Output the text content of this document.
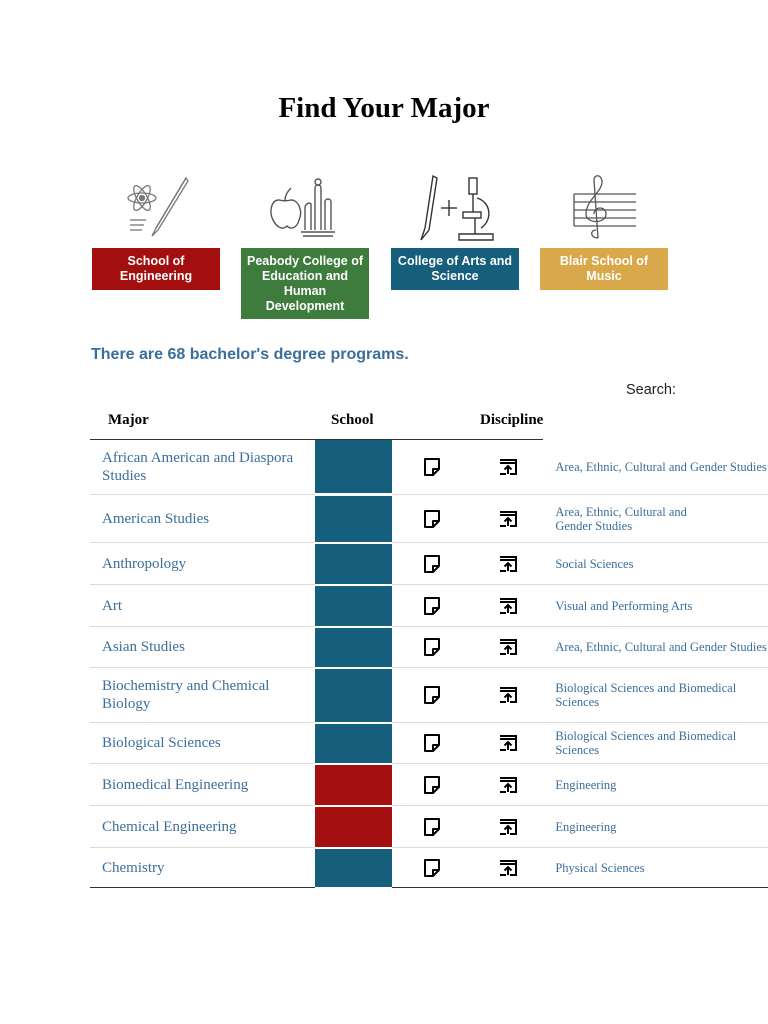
Find Your Major
School of Engineering
Peabody College of Education and Human Development
College of Arts and Science
Blair School of Music

There are 68 bachelor's degree programs.

Search:
Major	School		Discipline	
African American and Diaspora Studies				Area, Ethnic, Cultural and Gender Studies
American Studies				Area, Ethnic, Cultural and Gender Studies
Anthropology				Social Sciences
Art				Visual and Performing Arts
Asian Studies				Area, Ethnic, Cultural and Gender Studies
Biochemistry and Chemical Biology				Biological Sciences and Biomedical Sciences
Biological Sciences				Biological Sciences and Biomedical Sciences
Biomedical Engineering				Engineering
Chemical Engineering				Engineering
Chemistry				Physical Sciences
